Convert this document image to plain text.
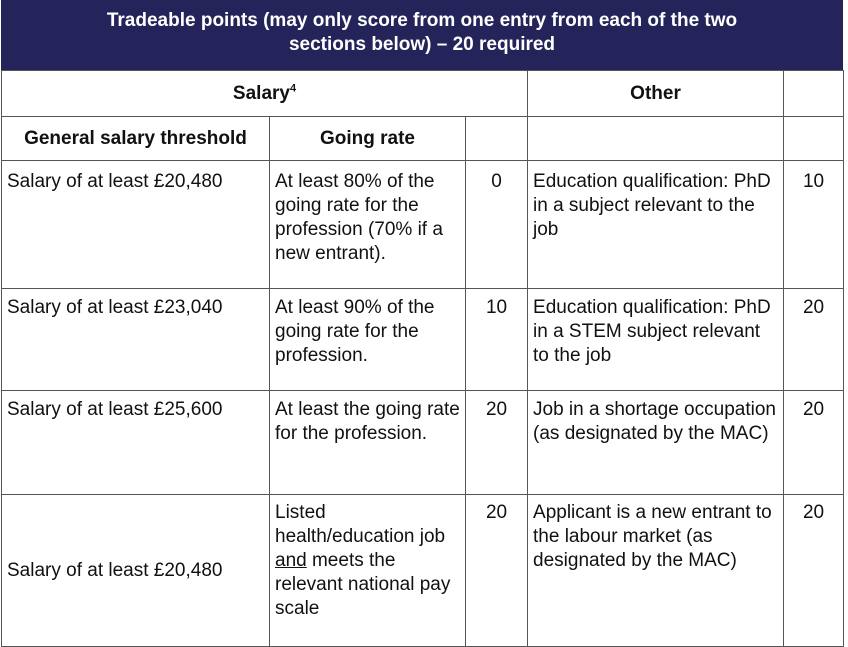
Tradeable points (may only score from one entry from each of the two
sections below) – 20 required
Salary$^4$			Other	
General salary threshold	Going rate			
Salary of at least £20,480	At least 80% of the going rate for the profession (70% if a new entrant).	0	Education qualification: PhD in a subject relevant to the job	10
Salary of at least £23,040	At least 90% of the going rate for the profession.	10	Education qualification: PhD in a STEM subject relevant to the job	20
Salary of at least £25,600	At least the going rate for the profession.	20	Job in a shortage occupation (as designated by the MAC)	20
Salary of at least £20,480	Listed health/education job and meets the relevant national pay scale	20	Applicant is a new entrant to the labour market (as designated by the MAC)	20
